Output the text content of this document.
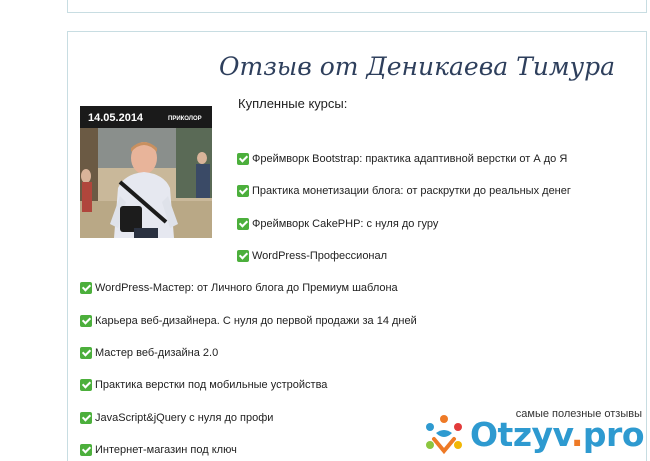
Отзыв от Деникаева Тимура
14.05.2014	ПРИКОЛОР
Купленные курсы:
Фреймворк Bootstrap: практика адаптивной верстки от А до Я
Практика монетизации блога: от раскрутки до реальных денег
Фреймворк CakePHP: с нуля до гуру
WordPress-Профессионал
WordPress-Мастер: от Личного блога до Премиум шаблона
Карьера веб-дизайнера. С нуля до первой продажи за 14 дней
Мастер веб-дизайна 2.0
Практика верстки под мобильные устройства
JavaScript&jQuery с нуля до профи
Интернет-магазин под ключ
самые полезные отзывы
Otzyv.pro
